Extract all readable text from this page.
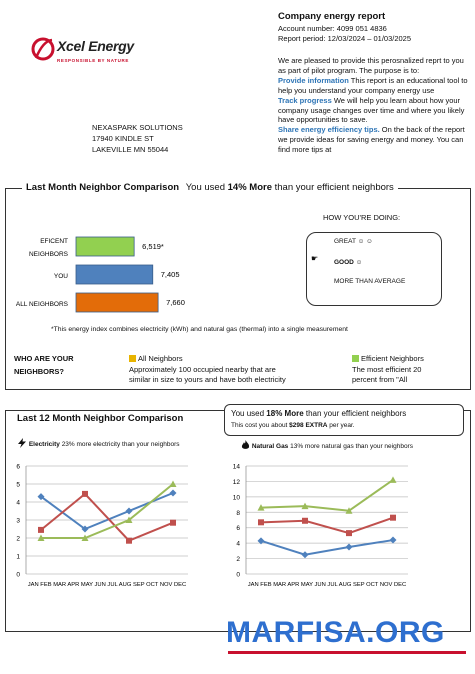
Xcel Energy
RESPONSIBLE BY NATURE
Company energy report
Account number: 4099 051 4836
Report period: 12/03/2024 – 01/03/2025

We are pleased to provide this perosnalized reprt to you as part of pilot program. The purpose is to:

Provide information This report is an educational tool to help you understand your company energy use

Track progress We will help you learn about how your company usage changes over time and where you likely have opportunities to save.

Share energy efficiency tips. On the back of the report we provide ideas for saving energy and money. You can find more tips at

NEXASPARK SOLUTIONS
17940 KINDLE ST
LAKEVILLE MN 55044
Last Month Neighbor Comparison You used 14% More than your efficient neighbors
6,519*
EFICENT
NEIGHBORS
7,405
YOU
7,660
ALL NEIGHBORS
HOW YOU'RE DOING:
☛
GREAT ☺ ☺
GOOD ☺
MORE THAN AVERAGE
*This energy index combines electricity (kWh) and natural gas (thermal) into a single measurement
WHO ARE YOUR
NEIGHBORS?
All Neighbors
Approximately 100 occupied nearby that are
similar in size to yours and have both electricity
Efficient Neighbors
The most efficient 20
percent from "All
Last 12 Month Neighbor Comparison	You used 18% More than your efficient neighbors
This cost you about $298 EXTRA per year.
Electricity 23% more electricity than your neighbors	Natural Gas 13% more natural gas than your neighbors
0
1
2
3
4
5
6
JAN FEB MAR APR MAY JUN JUL AUG SEP OCT NOV DEC
0
2
4
6
8
10
12
14
JAN FEB MAR APR MAY JUN JUL AUG SEP OCT NOV DEC
MARFISA.ORG
